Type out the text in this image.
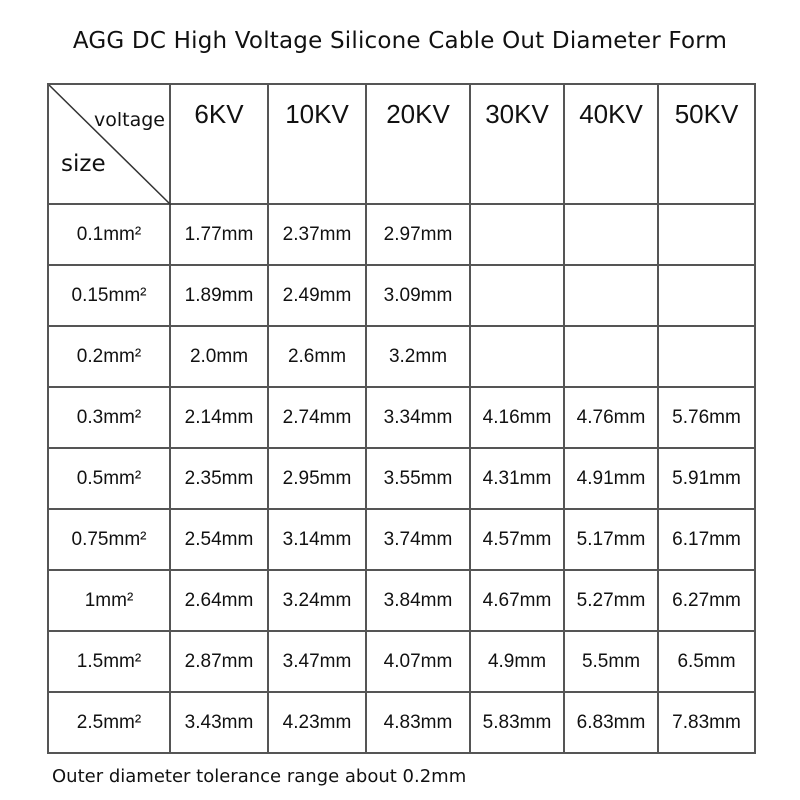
AGG DC High Voltage Silicone Cable Out Diameter Form
voltage
size	6KV	10KV	20KV	30KV	40KV	50KV
0.1mm²	1.77mm	2.37mm	2.97mm			
0.15mm²	1.89mm	2.49mm	3.09mm			
0.2mm²	2.0mm	2.6mm	3.2mm			
0.3mm²	2.14mm	2.74mm	3.34mm	4.16mm	4.76mm	5.76mm
0.5mm²	2.35mm	2.95mm	3.55mm	4.31mm	4.91mm	5.91mm
0.75mm²	2.54mm	3.14mm	3.74mm	4.57mm	5.17mm	6.17mm
1mm²	2.64mm	3.24mm	3.84mm	4.67mm	5.27mm	6.27mm
1.5mm²	2.87mm	3.47mm	4.07mm	4.9mm	5.5mm	6.5mm
2.5mm²	3.43mm	4.23mm	4.83mm	5.83mm	6.83mm	7.83mm
Outer diameter tolerance range about 0.2mm
